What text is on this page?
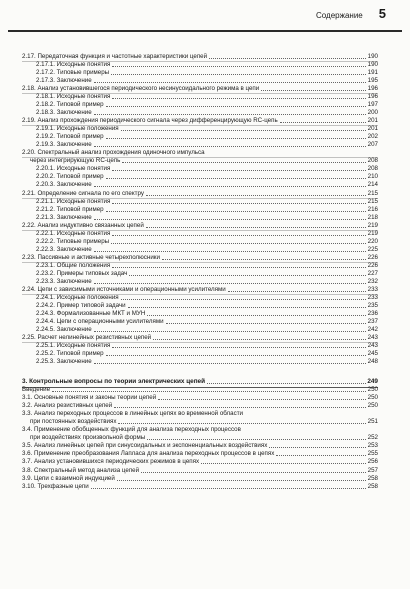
Содержание 5
2.17. Передаточная функция и частотные характеристики цепей	190
2.17.1. Исходные понятия	190
2.17.2. Типовые примеры	191
2.17.3. Заключение	195
2.18. Анализ установившегося периодического несинусоидального режима в цепи	196
2.18.1. Исходные понятия	196
2.18.2. Типовой пример	197
2.18.3. Заключение	200
2.19. Анализ прохождения периодического сигнала через дифференцирующую RC-цепь	201
2.19.1. Исходные положения	201
2.19.2. Типовой пример	202
2.19.3. Заключение	207
2.20. Спектральный анализ прохождения одиночного импульса
через интегрирующую RC-цепь	208
2.20.1. Исходные понятия	208
2.20.2. Типовой пример	210
2.20.3. Заключение	214
2.21. Определение сигнала по его спектру	215
2.21.1. Исходные понятия	215
2.21.2. Типовой пример	216
2.21.3. Заключение	218
2.22. Анализ индуктивно связанных цепей	219
2.22.1. Исходные понятия	219
2.22.2. Типовые примеры	220
2.22.3. Заключение	225
2.23. Пассивные и активные четырехполюсники	226
2.23.1. Общие положения	226
2.23.2. Примеры типовых задач	227
2.23.3. Заключение	232
2.24. Цепи с зависимыми источниками и операционными усилителями	233
2.24.1. Исходные положения	233
2.24.2. Пример типовой задачи	235
2.24.3. Формализованные МКТ и МУН	236
2.24.4. Цепи с операционными усилителями	237
2.24.5. Заключение	242
2.25. Расчет нелинейных резистивных цепей	243
2.25.1. Исходные понятия	243
2.25.2. Типовой пример	245
2.25.3. Заключение	248
3. Контрольные вопросы по теории электрических цепей	249
Введение	250
3.1. Основные понятия и законы теории цепей	250
3.2. Анализ резистивных цепей	250
3.3. Анализ переходных процессов в линейных цепях во временной области
при постоянных воздействиях	251
3.4. Применение обобщенных функций для анализа переходных процессов
при воздействиях произвольной формы	252
3.5. Анализ линейных цепей при синусоидальных и экспоненциальных воздействиях	253
3.6. Применение преобразования Лапласа для анализа переходных процессов в цепях	255
3.7. Анализ установившихся периодических режимов в цепях	256
3.8. Спектральный метод анализа цепей	257
3.9. Цепи с взаимной индукцией	258
3.10. Трехфазные цепи	258
